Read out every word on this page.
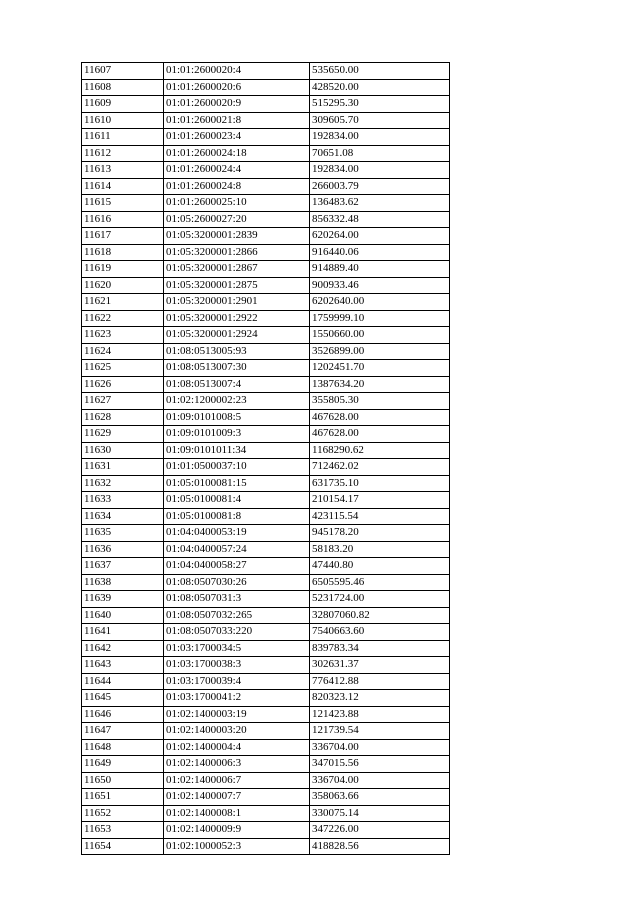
11607	01:01:2600020:4	535650.00
11608	01:01:2600020:6	428520.00
11609	01:01:2600020:9	515295.30
11610	01:01:2600021:8	309605.70
11611	01:01:2600023:4	192834.00
11612	01:01:2600024:18	70651.08
11613	01:01:2600024:4	192834.00
11614	01:01:2600024:8	266003.79
11615	01:01:2600025:10	136483.62
11616	01:05:2600027:20	856332.48
11617	01:05:3200001:2839	620264.00
11618	01:05:3200001:2866	916440.06
11619	01:05:3200001:2867	914889.40
11620	01:05:3200001:2875	900933.46
11621	01:05:3200001:2901	6202640.00
11622	01:05:3200001:2922	1759999.10
11623	01:05:3200001:2924	1550660.00
11624	01:08:0513005:93	3526899.00
11625	01:08:0513007:30	1202451.70
11626	01:08:0513007:4	1387634.20
11627	01:02:1200002:23	355805.30
11628	01:09:0101008:5	467628.00
11629	01:09:0101009:3	467628.00
11630	01:09:0101011:34	1168290.62
11631	01:01:0500037:10	712462.02
11632	01:05:0100081:15	631735.10
11633	01:05:0100081:4	210154.17
11634	01:05:0100081:8	423115.54
11635	01:04:0400053:19	945178.20
11636	01:04:0400057:24	58183.20
11637	01:04:0400058:27	47440.80
11638	01:08:0507030:26	6505595.46
11639	01:08:0507031:3	5231724.00
11640	01:08:0507032:265	32807060.82
11641	01:08:0507033:220	7540663.60
11642	01:03:1700034:5	839783.34
11643	01:03:1700038:3	302631.37
11644	01:03:1700039:4	776412.88
11645	01:03:1700041:2	820323.12
11646	01:02:1400003:19	121423.88
11647	01:02:1400003:20	121739.54
11648	01:02:1400004:4	336704.00
11649	01:02:1400006:3	347015.56
11650	01:02:1400006:7	336704.00
11651	01:02:1400007:7	358063.66
11652	01:02:1400008:1	330075.14
11653	01:02:1400009:9	347226.00
11654	01:02:1000052:3	418828.56
